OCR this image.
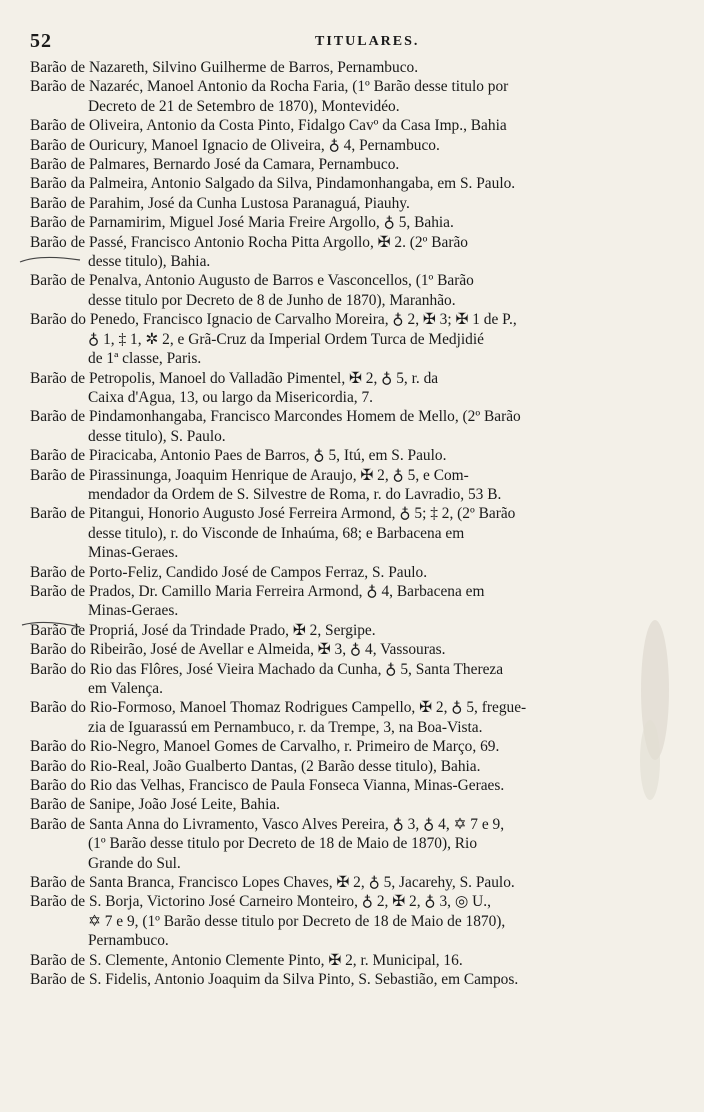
52	TITULARES.
Barão de Nazareth, Silvino Guilherme de Barros, Pernambuco.
Barão de Nazaréc, Manoel Antonio da Rocha Faria, (1º Barão desse titulo por
Decreto de 21 de Setembro de 1870), Montevidéo.
Barão de Oliveira, Antonio da Costa Pinto, Fidalgo Cavº da Casa Imp., Bahia
Barão de Ouricury, Manoel Ignacio de Oliveira, ♁ 4, Pernambuco.
Barão de Palmares, Bernardo José da Camara, Pernambuco.
Barão da Palmeira, Antonio Salgado da Silva, Pindamonhangaba, em S. Paulo.
Barão de Parahim, José da Cunha Lustosa Paranaguá, Piauhy.
Barão de Parnamirim, Miguel José Maria Freire Argollo, ♁ 5, Bahia.
Barão de Passé, Francisco Antonio Rocha Pitta Argollo, ✠ 2. (2º Barão
desse titulo), Bahia.
Barão de Penalva, Antonio Augusto de Barros e Vasconcellos, (1º Barão
desse titulo por Decreto de 8 de Junho de 1870), Maranhão.
Barão do Penedo, Francisco Ignacio de Carvalho Moreira, ♁ 2, ✠ 3; ✠ 1 de P.,
♁ 1, ‡ 1, ✲ 2, e Grã-Cruz da Imperial Ordem Turca de Medjidié
de 1ª classe, Paris.
Barão de Petropolis, Manoel do Valladão Pimentel, ✠ 2, ♁ 5, r. da
Caixa d'Agua, 13, ou largo da Misericordia, 7.
Barão de Pindamonhangaba, Francisco Marcondes Homem de Mello, (2º Barão
desse titulo), S. Paulo.
Barão de Piracicaba, Antonio Paes de Barros, ♁ 5, Itú, em S. Paulo.
Barão de Pirassinunga, Joaquim Henrique de Araujo, ✠ 2, ♁ 5, e Com-
mendador da Ordem de S. Silvestre de Roma, r. do Lavradio, 53 B.
Barão de Pitangui, Honorio Augusto José Ferreira Armond, ♁ 5; ‡ 2, (2º Barão
desse titulo), r. do Visconde de Inhaúma, 68; e Barbacena em
Minas-Geraes.
Barão de Porto-Feliz, Candido José de Campos Ferraz, S. Paulo.
Barão de Prados, Dr. Camillo Maria Ferreira Armond, ♁ 4, Barbacena em
Minas-Geraes.
Barão de Propriá, José da Trindade Prado, ✠ 2, Sergipe.
Barão do Ribeirão, José de Avellar e Almeida, ✠ 3, ♁ 4, Vassouras.
Barão do Rio das Flôres, José Vieira Machado da Cunha, ♁ 5, Santa Thereza
em Valença.
Barão do Rio-Formoso, Manoel Thomaz Rodrigues Campello, ✠ 2, ♁ 5, fregue-
zia de Iguarassú em Pernambuco, r. da Trempe, 3, na Boa-Vista.
Barão do Rio-Negro, Manoel Gomes de Carvalho, r. Primeiro de Março, 69.
Barão do Rio-Real, João Gualberto Dantas, (2 Barão desse titulo), Bahia.
Barão do Rio das Velhas, Francisco de Paula Fonseca Vianna, Minas-Geraes.
Barão de Sanipe, João José Leite, Bahia.
Barão de Santa Anna do Livramento, Vasco Alves Pereira, ♁ 3, ♁ 4, ✡ 7 e 9,
(1º Barão desse titulo por Decreto de 18 de Maio de 1870), Rio
Grande do Sul.
Barão de Santa Branca, Francisco Lopes Chaves, ✠ 2, ♁ 5, Jacarehy, S. Paulo.
Barão de S. Borja, Victorino José Carneiro Monteiro, ♁ 2, ✠ 2, ♁ 3, ◎ U.,
✡ 7 e 9, (1º Barão desse titulo por Decreto de 18 de Maio de 1870),
Pernambuco.
Barão de S. Clemente, Antonio Clemente Pinto, ✠ 2, r. Municipal, 16.
Barão de S. Fidelis, Antonio Joaquim da Silva Pinto, S. Sebastião, em Campos.
